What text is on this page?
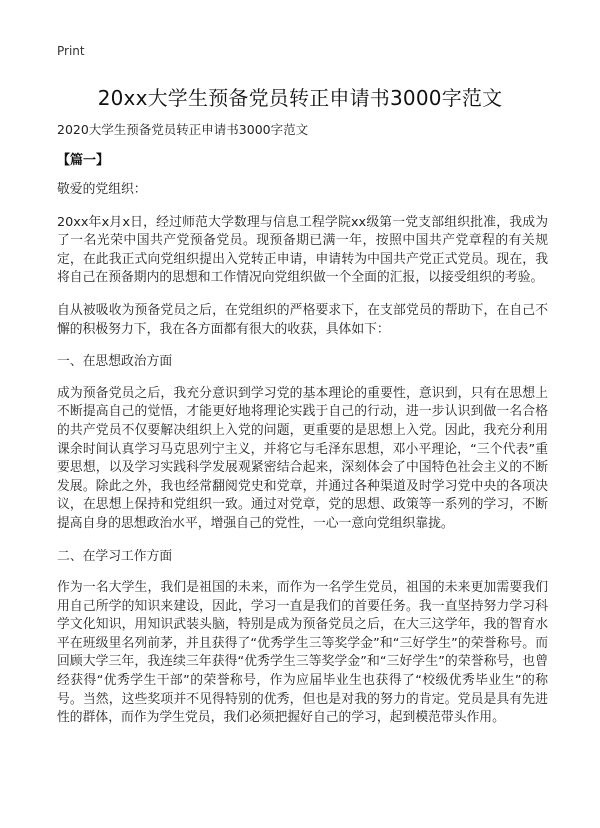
Print
20xx大学生预备党员转正申请书3000字范文
2020大学生预备党员转正申请书3000字范文
【篇一】

敬爱的党组织：

20xx年x月x日，经过师范大学数理与信息工程学院xx级第一党支部组织批准，我成为了一名光荣中国共产党预备党员。现预备期已满一年，按照中国共产党章程的有关规定，在此我正式向党组织提出入党转正申请，申请转为中国共产党正式党员。现在，我将自己在预备期内的思想和工作情况向党组织做一个全面的汇报，以接受组织的考验。

自从被吸收为预备党员之后，在党组织的严格要求下，在支部党员的帮助下，在自己不懈的积极努力下，我在各方面都有很大的收获，具体如下：

一、在思想政治方面

成为预备党员之后，我充分意识到学习党的基本理论的重要性，意识到，只有在思想上不断提高自己的觉悟，才能更好地将理论实践于自己的行动，进一步认识到做一名合格的共产党员不仅要解决组织上入党的问题，更重要的是思想上入党。因此，我充分利用课余时间认真学习马克思列宁主义，并将它与毛泽东思想，邓小平理论，“三个代表”重要思想，以及学习实践科学发展观紧密结合起来，深刻体会了中国特色社会主义的不断发展。除此之外，我也经常翻阅党史和党章，并通过各种渠道及时学习党中央的各项决议，在思想上保持和党组织一致。通过对党章，党的思想、政策等一系列的学习，不断提高自身的思想政治水平，增强自己的党性，一心一意向党组织靠拢。

二、在学习工作方面

作为一名大学生，我们是祖国的未来，而作为一名学生党员，祖国的未来更加需要我们用自己所学的知识来建设，因此，学习一直是我们的首要任务。我一直坚持努力学习科学文化知识，用知识武装头脑，特别是成为预备党员之后，在大三这学年，我的智育水平在班级里名列前茅，并且获得了“优秀学生三等奖学金”和“三好学生”的荣誉称号。而回顾大学三年，我连续三年获得“优秀学生三等奖学金”和“三好学生”的荣誉称号，也曾经获得“优秀学生干部”的荣誉称号，作为应届毕业生也获得了“校级优秀毕业生”的称号。当然，这些奖项并不见得特别的优秀，但也是对我的努力的肯定。党员是具有先进性的群体，而作为学生党员，我们必须把握好自己的学习，起到模范带头作用。
